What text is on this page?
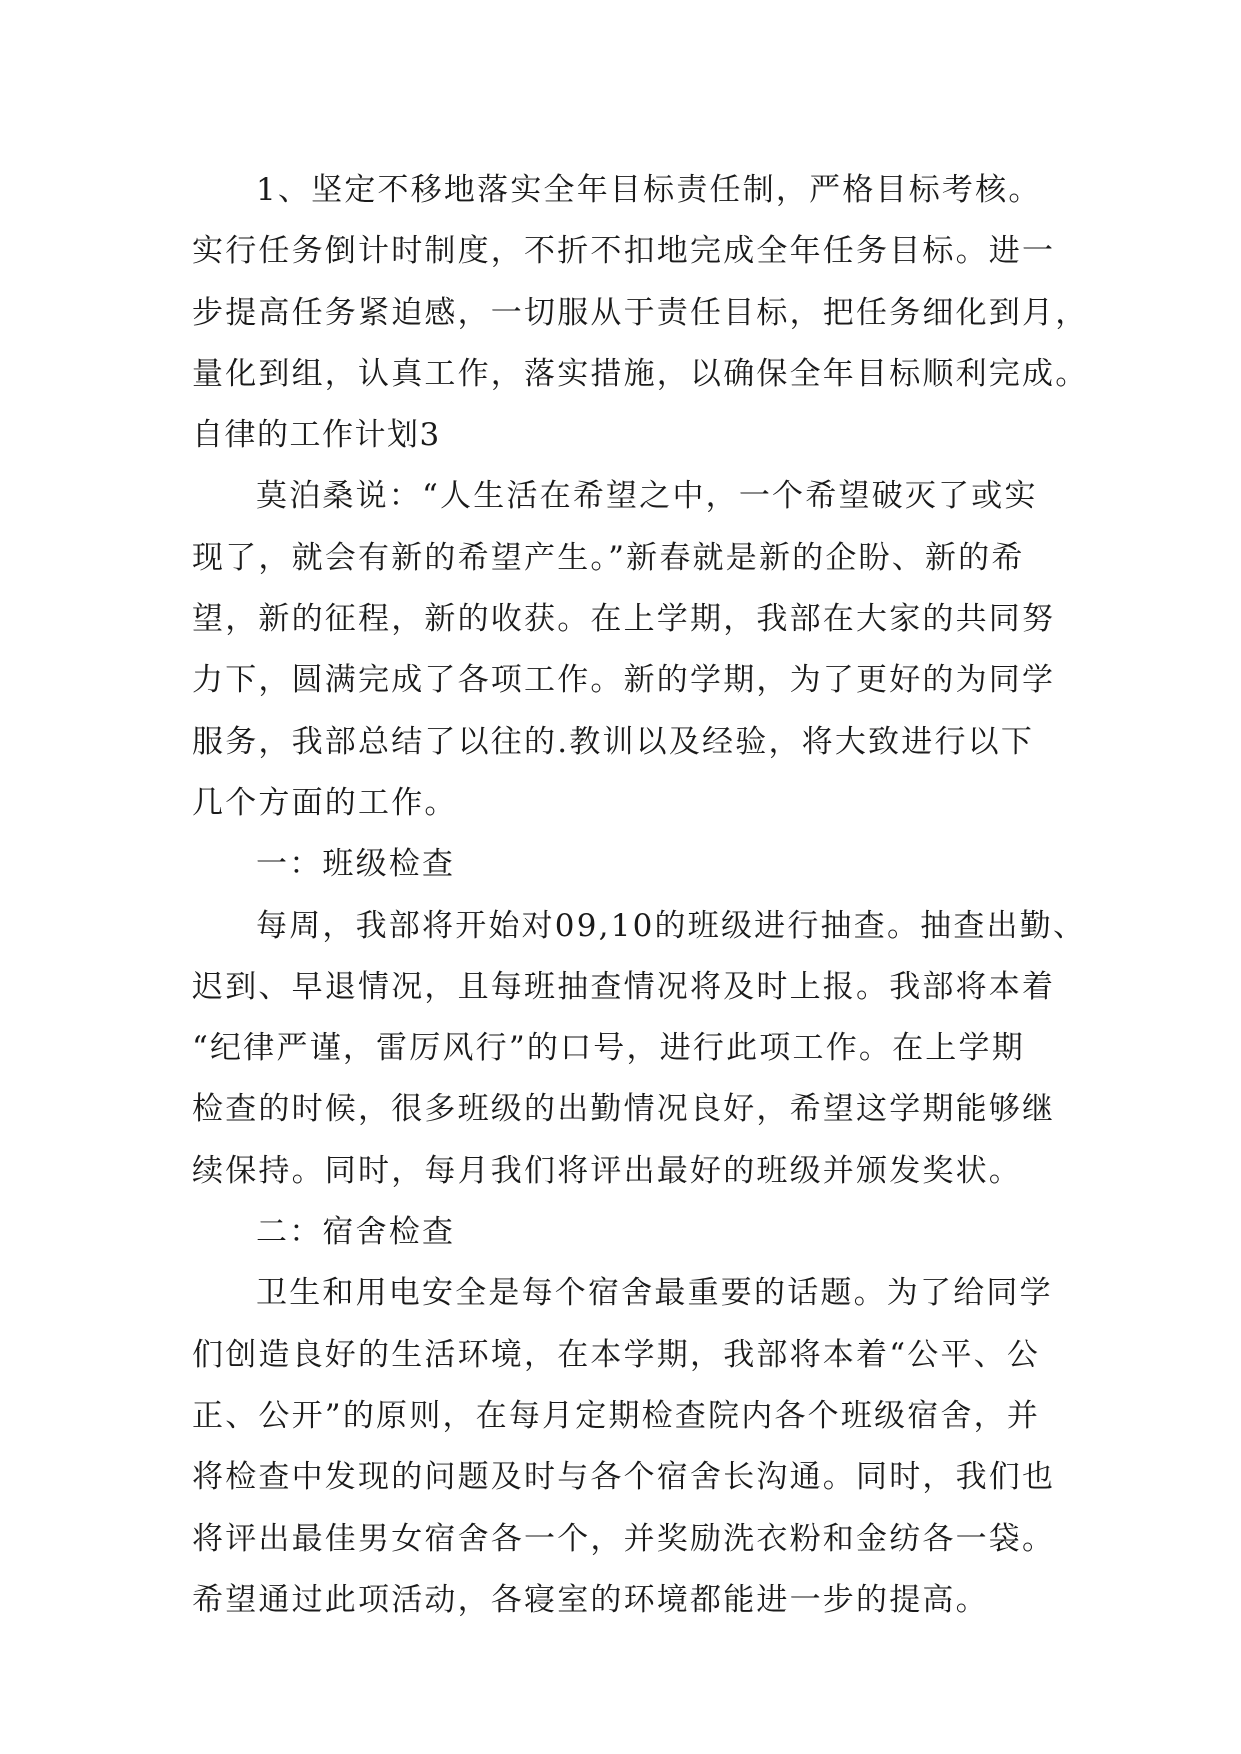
1、坚定不移地落实全年目标责任制，严格目标考核。
实行任务倒计时制度，不折不扣地完成全年任务目标。进一
步提高任务紧迫感，一切服从于责任目标，把任务细化到月，
量化到组，认真工作，落实措施，以确保全年目标顺利完成。
自律的工作计划3
莫泊桑说：“人生活在希望之中，一个希望破灭了或实
现了，就会有新的希望产生。”新春就是新的企盼、新的希
望，新的征程，新的收获。在上学期，我部在大家的共同努
力下，圆满完成了各项工作。新的学期，为了更好的为同学
服务，我部总结了以往的.教训以及经验，将大致进行以下
几个方面的工作。
一：班级检查
每周，我部将开始对09,10的班级进行抽查。抽查出勤、
迟到、早退情况，且每班抽查情况将及时上报。我部将本着
“纪律严谨，雷厉风行”的口号，进行此项工作。在上学期
检查的时候，很多班级的出勤情况良好，希望这学期能够继
续保持。同时，每月我们将评出最好的班级并颁发奖状。
二：宿舍检查
卫生和用电安全是每个宿舍最重要的话题。为了给同学
们创造良好的生活环境，在本学期，我部将本着“公平、公
正、公开”的原则，在每月定期检查院内各个班级宿舍，并
将检查中发现的问题及时与各个宿舍长沟通。同时，我们也
将评出最佳男女宿舍各一个，并奖励洗衣粉和金纺各一袋。
希望通过此项活动，各寝室的环境都能进一步的提高。
